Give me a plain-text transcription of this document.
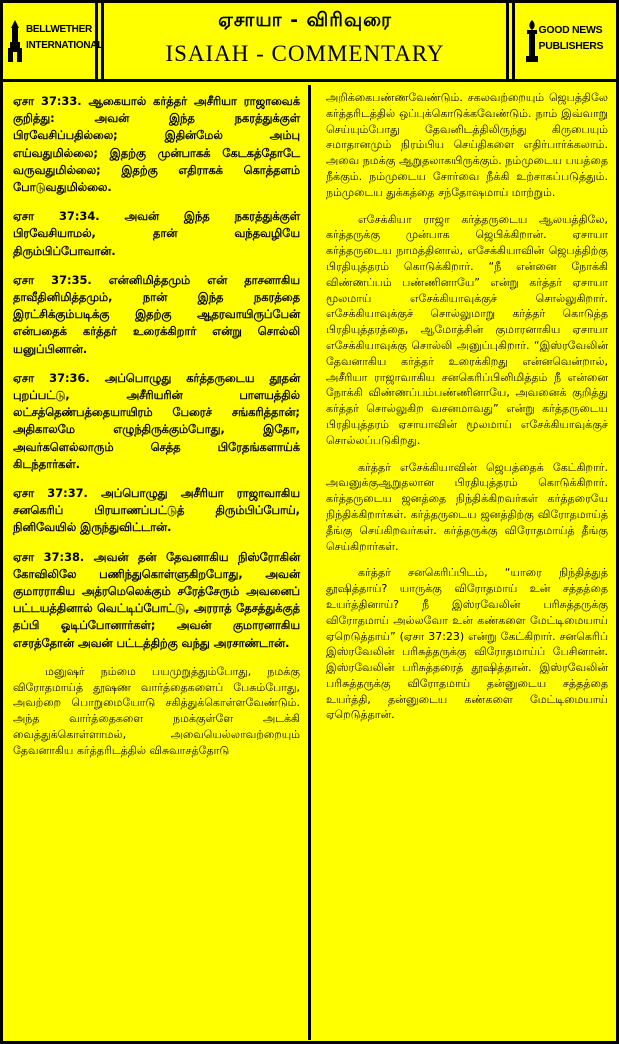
BELLWETHER
INTERNATIONAL
ஏசாயா - விரிவுரை
ISAIAH - COMMENTARY
GOOD NEWS
PUBLISHERS

ஏசா 37:33. ஆகையால் கர்த்தர் அசீரியா ராஜாவைக் குறித்து: அவன் இந்த நகரத்துக்குள் பிரவேசிப்பதில்லை; இதின்மேல் அம்பு எய்வதுமில்லை; இதற்கு முன்பாகக் கேடகத்தோடே வருவதுமில்லை; இதற்கு எதிராகக் கொத்தளம் போடுவதுமில்லை.

ஏசா 37:34. அவன் இந்த நகரத்துக்குள் பிரவேசியாமல், தான் வந்தவழியே திரும்பிப்போவான்.

ஏசா 37:35. என்னிமித்தமும் என் தாசனாகிய தாவீதினிமித்தமும், நான் இந்த நகரத்தை இரட்சிக்கும்படிக்கு இதற்கு ஆதரவாயிருப்பேன் என்பதைக் கர்த்தர் உரைக்கிறார் என்று சொல்லி யனுப்பினான்.

ஏசா 37:36. அப்பொழுது கர்த்தருடைய தூதன் புறப்பட்டு, அசீரியரின் பாளயத்தில் லட்சத்தெண்பத்தையாயிரம் பேரைச் சங்கரித்தான்; அதிகாலமே எழுந்திருக்கும்போது, இதோ, அவர்களெல்லாரும் செத்த பிரேதங்களாய்க் கிடந்தார்கள்.

ஏசா 37:37. அப்பொழுது அசீரியா ராஜாவாகிய சனகெரிப் பிரயாணப்பட்டுத் திரும்பிப்போய், நினிவேயில் இருந்துவிட்டான்.

ஏசா 37:38. அவன் தன் தேவனாகிய நிஸ்ரோகின் கோவிலிலே பணிந்துகொள்ளுகிறபோது, அவன் குமாரராகிய அத்ரமெலெக்கும் சரேத்சேரும் அவனைப் பட்டயத்தினால் வெட்டிப்போட்டு, அரராத் தேசத்துக்குத் தப்பி ஓடிப்போனார்கள்; அவன் குமாரனாகிய எசரத்தோன் அவன் பட்டத்திற்கு வந்து அரசாண்டான்.

மனுஷர் நம்மை பயமுறுத்தும்போது, நமக்கு விரோதமாய்த் தூஷண வார்த்தைகளைப் பேசும்போது, அவற்றை பொறுமையோடு சகித்துக்கொள்ளவேண்டும். அந்த வார்த்தைகளை நமக்குள்ளே அடக்கி வைத்துக்கொள்ளாமல், அவையெல்லாவற்றையும் தேவனாகிய கர்த்தரிடத்தில் விசுவாசத்தோடு

அறிக்கைபண்ணவேண்டும். சகலவற்றையும் ஜெபத்திலே கர்த்தரிடத்தில் ஒப்புக்கொடுக்கவேண்டும். நாம் இவ்வாறு செய்யும்போது தேவனிடத்திலிருந்து கிருபையும் சமாதானமும் நிரம்பிய செய்திகளை எதிர்பார்க்கலாம். அவை நமக்கு ஆறுதலாகயிருக்கும். நம்முடைய பயத்தை நீக்கும். நம்முடைய சோர்வை நீக்கி உற்சாகப்படுத்தும். நம்முடைய துக்கத்தை சந்தோஷமாய் மாற்றும்.

எசேக்கியா ராஜா கர்த்தருடைய ஆலயத்திலே, கர்த்தருக்கு முன்பாக ஜெபிக்கிறான். ஏசாயா கர்த்தருடைய நாமத்தினால், எசேக்கியாவின் ஜெபத்திற்கு பிரதியுத்தரம் கொடுக்கிறார். “நீ என்னை நோக்கி விண்ணப்பம் பண்ணினாயே” என்று கர்த்தர் ஏசாயா மூலமாய் எசேக்கியாவுக்குச் சொல்லுகிறார். எசேக்கியாவுக்குச் சொல்லுமாறு கர்த்தர் கொடுத்த பிரதியுத்தரத்தை, ஆமோத்சின் குமாரனாகிய ஏசாயா எசேக்கியாவுக்கு சொல்லி அனுப்புகிறார். “இஸ்ரவேலின் தேவனாகிய கர்த்தர் உரைக்கிறது என்னவென்றால், அசீரியா ராஜாவாகிய சனகெரிப்பினிமித்தம் நீ என்னை நோக்கி விண்ணப்பம்பண்ணினாயே, அவனைக் குறித்து கர்த்தர் சொல்லுகிற வசனமாவது” என்று கர்த்தருடைய பிரதியுத்தரம் ஏசாயாவின் மூலமாய் எசேக்கியாவுக்குச் சொல்லப்படுகிறது.

கர்த்தர் எசேக்கியாவின் ஜெபத்தைக் கேட்கிறார். அவனுக்குஆறுதலான பிரதியுத்தரம் கொடுக்கிறார். கர்த்தருடைய ஜனத்தை நிந்திக்கிறவர்கள் கர்த்தரையே நிந்திக்கிறார்கள். கர்த்தருடைய ஜனத்திற்கு விரோதமாய்த் தீங்கு செய்கிறவர்கள். கர்த்தருக்கு விரோதமாய்த் தீங்கு செய்கிறார்கள்.

கர்த்தர் சனகெரிப்பிடம், “யாரை நிந்தித்துத் தூஷித்தாய்? யாருக்கு விரோதமாய் உன் சத்தத்தை உயர்த்தினாய்? நீ இஸ்ரவேலின் பரிசுத்தருக்கு விரோதமாய் அல்லவோ உன் கண்களை மேட்டிமையாய் ஏறெடுத்தாய்” (ஏசா 37:23) என்று கேட்கிறார். சனகெரிப் இஸ்ரவேலின் பரிசுத்தருக்கு விரோதமாய்ப் பேசினான். இஸ்ரவேலின் பரிசுத்தரைத் தூஷித்தான். இஸ்ரவேலின் பரிசுத்தருக்கு விரோதமாய் தன்னுடைய சத்தத்தை உயர்த்தி, தன்னுடைய கண்களை மேட்டிமையாய் ஏறெடுத்தான்.
